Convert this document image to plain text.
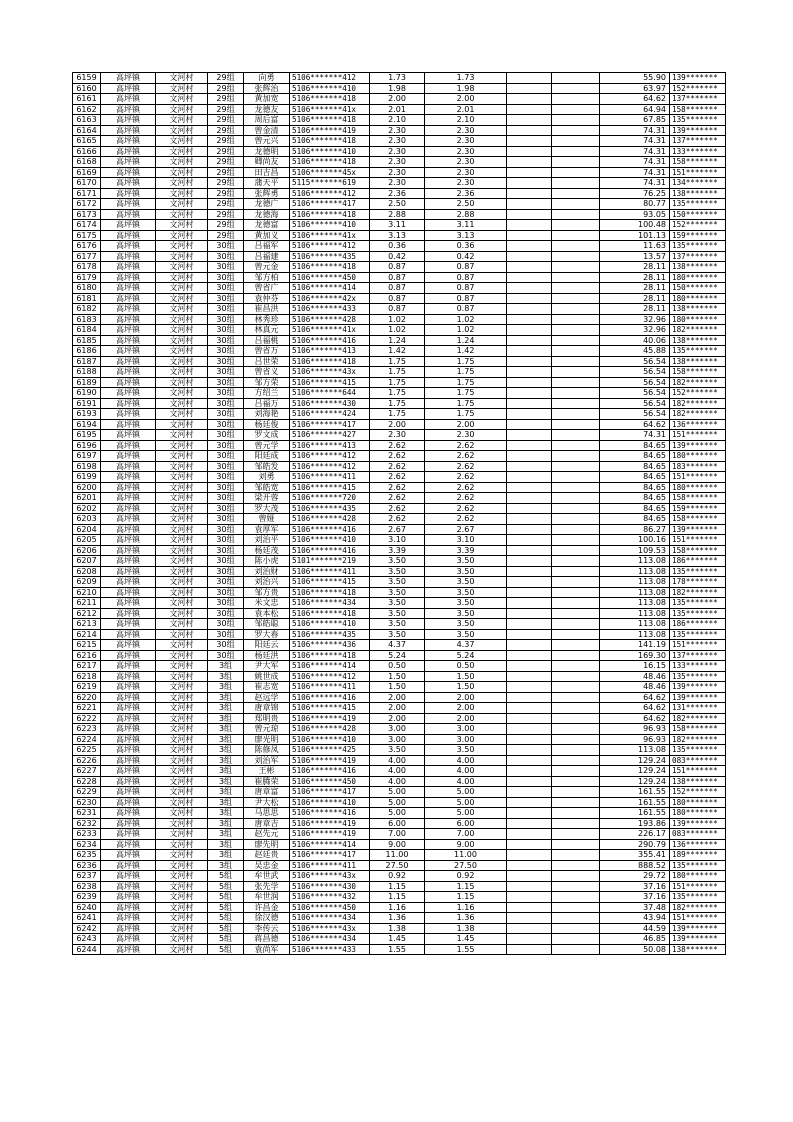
6159	高坪镇	文河村	29组	向勇	5106*******412	1.73	1.73			55.90	139*******
6160	高坪镇	文河村	29组	张辉治	5106*******410	1.98	1.98			63.97	152*******
6161	高坪镇	文河村	29组	黄加宽	5106*******418	2.00	2.00			64.62	137*******
6162	高坪镇	文河村	29组	龙德友	5106*******41x	2.01	2.01			64.94	158*******
6163	高坪镇	文河村	29组	周后富	5106*******418	2.10	2.10			67.85	135*******
6164	高坪镇	文河村	29组	曾金清	5106*******419	2.30	2.30			74.31	139*******
6165	高坪镇	文河村	29组	曾元兴	5106*******418	2.30	2.30			74.31	137*******
6166	高坪镇	文河村	29组	龙德明	5106*******410	2.30	2.30			74.31	133*******
6168	高坪镇	文河村	29组	卿尚友	5106*******418	2.30	2.30			74.31	158*******
6169	高坪镇	文河村	29组	田吉昌	5106*******45x	2.30	2.30			74.31	151*******
6170	高坪镇	文河村	29组	蒲天平	5115*******619	2.30	2.30			74.31	134*******
6171	高坪镇	文河村	29组	张辉勇	5106*******412	2.36	2.36			76.25	138*******
6172	高坪镇	文河村	29组	龙德广	5106*******417	2.50	2.50			80.77	135*******
6173	高坪镇	文河村	29组	龙德海	5106*******418	2.88	2.88			93.05	150*******
6174	高坪镇	文河村	29组	龙德富	5106*******410	3.11	3.11			100.48	152*******
6175	高坪镇	文河村	29组	黄加义	5106*******41x	3.13	3.13			101.13	159*******
6176	高坪镇	文河村	30组	吕福军	5106*******412	0.36	0.36			11.63	135*******
6177	高坪镇	文河村	30组	吕福建	5106*******435	0.42	0.42			13.57	137*******
6178	高坪镇	文河村	30组	曾元金	5106*******418	0.87	0.87			28.11	138*******
6179	高坪镇	文河村	30组	邹方柏	5106*******450	0.87	0.87			28.11	180*******
6180	高坪镇	文河村	30组	曾省广	5106*******414	0.87	0.87			28.11	150*******
6181	高坪镇	文河村	30组	袁仲芬	5106*******42x	0.87	0.87			28.11	180*******
6182	高坪镇	文河村	30组	崔昌洪	5106*******433	0.87	0.87			28.11	138*******
6183	高坪镇	文河村	30组	林秀珍	5106*******428	1.02	1.02			32.96	180*******
6184	高坪镇	文河村	30组	林真元	5106*******41x	1.02	1.02			32.96	182*******
6185	高坪镇	文河村	30组	吕福桃	5106*******416	1.24	1.24			40.06	138*******
6186	高坪镇	文河村	30组	曾省万	5106*******413	1.42	1.42			45.88	135*******
6187	高坪镇	文河村	30组	吕世荣	5106*******418	1.75	1.75			56.54	138*******
6188	高坪镇	文河村	30组	曾省义	5106*******43x	1.75	1.75			56.54	158*******
6189	高坪镇	文河村	30组	邹方荣	5106*******415	1.75	1.75			56.54	182*******
6190	高坪镇	文河村	30组	方绍兰	5106*******644	1.75	1.75			56.54	152*******
6191	高坪镇	文河村	30组	吕福万	5106*******430	1.75	1.75			56.54	182*******
6193	高坪镇	文河村	30组	刘海艳	5106*******424	1.75	1.75			56.54	182*******
6194	高坪镇	文河村	30组	杨廷俊	5106*******417	2.00	2.00			64.62	136*******
6195	高坪镇	文河村	30组	罗文成	5106*******427	2.30	2.30			74.31	151*******
6196	高坪镇	文河村	30组	曾元学	5106*******413	2.62	2.62			84.65	139*******
6197	高坪镇	文河村	30组	阳廷成	5106*******412	2.62	2.62			84.65	180*******
6198	高坪镇	文河村	30组	邹皓发	5106*******412	2.62	2.62			84.65	183*******
6199	高坪镇	文河村	30组	刘勇	5106*******411	2.62	2.62			84.65	151*******
6200	高坪镇	文河村	30组	邹皓宽	5106*******415	2.62	2.62			84.65	180*******
6201	高坪镇	文河村	30组	梁开蓉	5106*******720	2.62	2.62			84.65	158*******
6202	高坪镇	文河村	30组	罗大茂	5106*******435	2.62	2.62			84.65	159*******
6203	高坪镇	文河村	30组	曾娅	5106*******428	2.62	2.62			84.65	158*******
6204	高坪镇	文河村	30组	袁厚军	5106*******416	2.67	2.67			86.27	139*******
6205	高坪镇	文河村	30组	刘治平	5106*******410	3.10	3.10			100.16	151*******
6206	高坪镇	文河村	30组	杨廷茂	5106*******416	3.39	3.39			109.53	158*******
6207	高坪镇	文河村	30组	陈小虎	5101*******219	3.50	3.50			113.08	186*******
6208	高坪镇	文河村	30组	刘治财	5106*******411	3.50	3.50			113.08	135*******
6209	高坪镇	文河村	30组	刘治兴	5106*******415	3.50	3.50			113.08	178*******
6210	高坪镇	文河村	30组	邹方贵	5106*******418	3.50	3.50			113.08	182*******
6211	高坪镇	文河村	30组	米文忠	5106*******434	3.50	3.50			113.08	135*******
6212	高坪镇	文河村	30组	袁本松	5106*******418	3.50	3.50			113.08	135*******
6213	高坪镇	文河村	30组	邹皓聪	5106*******410	3.50	3.50			113.08	186*******
6214	高坪镇	文河村	30组	罗大春	5106*******435	3.50	3.50			113.08	135*******
6215	高坪镇	文河村	30组	阳廷云	5106*******436	4.37	4.37			141.19	151*******
6216	高坪镇	文河村	30组	杨廷洪	5106*******418	5.24	5.24			169.30	137*******
6217	高坪镇	文河村	3组	尹大军	5106*******414	0.50	0.50			16.15	133*******
6218	高坪镇	文河村	3组	姚世成	5106*******412	1.50	1.50			48.46	135*******
6219	高坪镇	文河村	3组	崔志宽	5106*******411	1.50	1.50			48.46	139*******
6220	高坪镇	文河村	3组	赵远学	5106*******416	2.00	2.00			64.62	139*******
6221	高坪镇	文河村	3组	唐章锦	5106*******415	2.00	2.00			64.62	131*******
6222	高坪镇	文河村	3组	郑明贵	5106*******419	2.00	2.00			64.62	182*******
6223	高坪镇	文河村	3组	曾元琼	5106*******428	3.00	3.00			96.93	158*******
6224	高坪镇	文河村	3组	廖光明	5106*******410	3.00	3.00			96.93	182*******
6225	高坪镇	文河村	3组	陈修凤	5106*******425	3.50	3.50			113.08	135*******
6226	高坪镇	文河村	3组	刘治军	5106*******419	4.00	4.00			129.24	083*******
6227	高坪镇	文河村	3组	王彬	5106*******416	4.00	4.00			129.24	151*******
6228	高坪镇	文河村	3组	崔腾荣	5106*******450	4.00	4.00			129.24	138*******
6229	高坪镇	文河村	3组	唐章富	5106*******417	5.00	5.00			161.55	152*******
6230	高坪镇	文河村	3组	尹大松	5106*******410	5.00	5.00			161.55	180*******
6231	高坪镇	文河村	3组	马思思	5106*******416	5.00	5.00			161.55	180*******
6232	高坪镇	文河村	3组	唐章吉	5106*******419	6.00	6.00			193.86	139*******
6233	高坪镇	文河村	3组	赵先元	5106*******419	7.00	7.00			226.17	083*******
6234	高坪镇	文河村	3组	廖先明	5106*******414	9.00	9.00			290.79	136*******
6235	高坪镇	文河村	3组	赵廷贵	5106*******417	11.00	11.00			355.41	189*******
6236	高坪镇	文河村	3组	吴忠金	5106*******411	27.50	27.50			888.52	135*******
6237	高坪镇	文河村	5组	牟世武	5106*******43x	0.92	0.92			29.72	180*******
6238	高坪镇	文河村	5组	张先学	5106*******430	1.15	1.15			37.16	151*******
6239	高坪镇	文河村	5组	牟世润	5106*******432	1.15	1.15			37.16	135*******
6240	高坪镇	文河村	5组	许昌金	5106*******450	1.16	1.16			37.48	182*******
6241	高坪镇	文河村	5组	徐汉德	5106*******434	1.36	1.36			43.94	151*******
6242	高坪镇	文河村	5组	李传云	5106*******43x	1.38	1.38			44.59	139*******
6243	高坪镇	文河村	5组	蒋昌德	5106*******434	1.45	1.45			46.85	139*******
6244	高坪镇	文河村	5组	袁尚军	5106*******433	1.55	1.55			50.08	138*******
